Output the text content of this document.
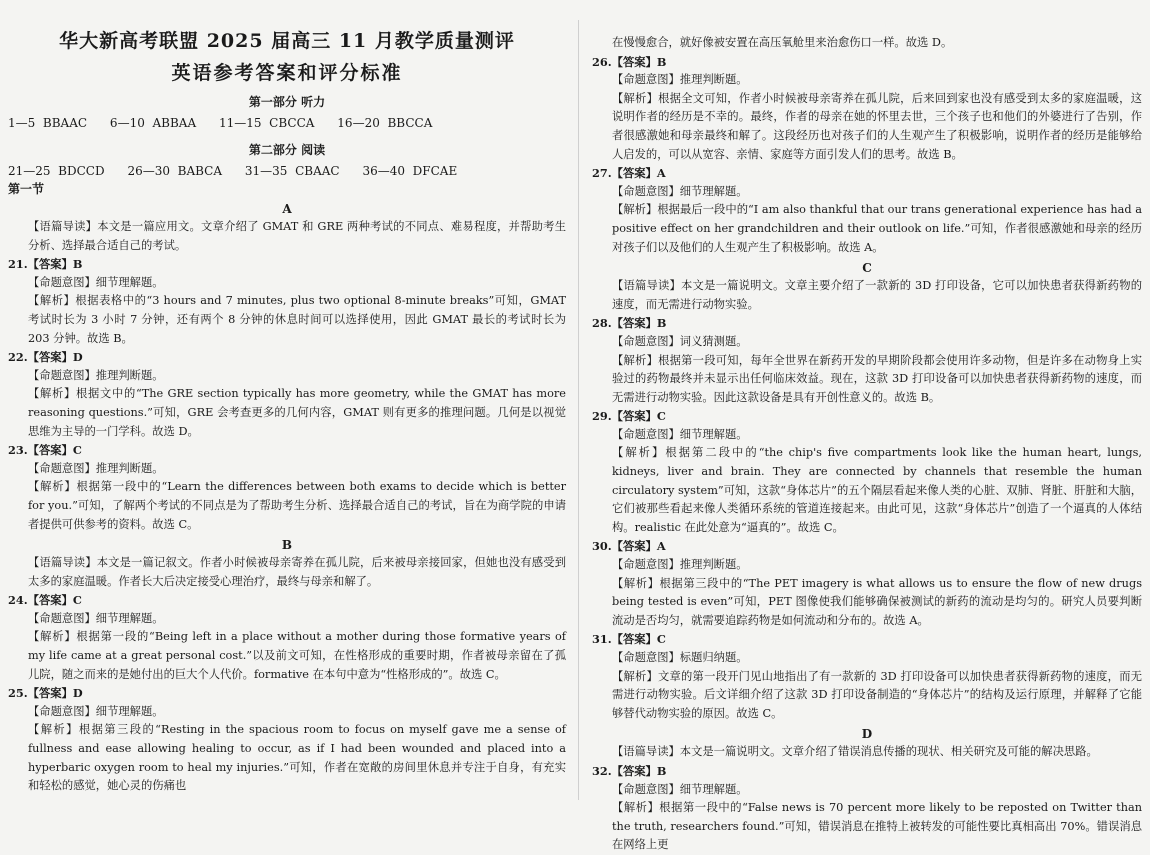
华大新高考联盟 2025 届高三 11 月教学质量测评
英语参考答案和评分标准
第一部分 听力
1—5  BBAAC      6—10  ABBAA      11—15  CBCCA      16—20  BBCCA
第二部分 阅读
21—25  BDCCD      26—30  BABCA      31—35  CBAAC      36—40  DFCAE
第一节
A

【语篇导读】本文是一篇应用文。文章介绍了 GMAT 和 GRE 两种考试的不同点、难易程度，并帮助考生分析、选择最合适自己的考试。

21.【答案】B

【命题意图】细节理解题。

【解析】根据表格中的“3 hours and 7 minutes, plus two optional 8-minute breaks”可知，GMAT 考试时长为 3 小时 7 分钟，还有两个 8 分钟的休息时间可以选择使用，因此 GMAT 最长的考试时长为 203 分钟。故选 B。

22.【答案】D

【命题意图】推理判断题。

【解析】根据文中的“The GRE section typically has more geometry, while the GMAT has more reasoning questions.”可知，GRE 会考查更多的几何内容，GMAT 则有更多的推理问题。几何是以视觉思维为主导的一门学科。故选 D。

23.【答案】C

【命题意图】推理判断题。

【解析】根据第一段中的“Learn the differences between both exams to decide which is better for you.”可知，了解两个考试的不同点是为了帮助考生分析、选择最合适自己的考试，旨在为商学院的申请者提供可供参考的资料。故选 C。

B

【语篇导读】本文是一篇记叙文。作者小时候被母亲寄养在孤儿院，后来被母亲接回家，但她也没有感受到太多的家庭温暖。作者长大后决定接受心理治疗，最终与母亲和解了。

24.【答案】C

【命题意图】细节理解题。

【解析】根据第一段的“Being left in a place without a mother during those formative years of my life came at a great personal cost.”以及前文可知，在性格形成的重要时期，作者被母亲留在了孤儿院，随之而来的是她付出的巨大个人代价。formative 在本句中意为“性格形成的”。故选 C。

25.【答案】D

【命题意图】细节理解题。

【解析】根据第三段的“Resting in the spacious room to focus on myself gave me a sense of fullness and ease allowing healing to occur, as if I had been wounded and placed into a hyperbaric oxygen room to heal my injuries.”可知，作者在宽敞的房间里休息并专注于自身，有充实和轻松的感觉，她心灵的伤痛也

在慢慢愈合，就好像被安置在高压氧舱里来治愈伤口一样。故选 D。

26.【答案】B

【命题意图】推理判断题。

【解析】根据全文可知，作者小时候被母亲寄养在孤儿院，后来回到家也没有感受到太多的家庭温暖，这说明作者的经历是不幸的。最终，作者的母亲在她的怀里去世，三个孩子也和他们的外婆进行了告别，作者很感激她和母亲最终和解了。这段经历也对孩子们的人生观产生了积极影响，说明作者的经历是能够给人启发的，可以从宽容、亲情、家庭等方面引发人们的思考。故选 B。

27.【答案】A

【命题意图】细节理解题。

【解析】根据最后一段中的“I am also thankful that our trans generational experience has had a positive effect on her grandchildren and their outlook on life.”可知，作者很感激她和母亲的经历对孩子们以及他们的人生观产生了积极影响。故选 A。

C

【语篇导读】本文是一篇说明文。文章主要介绍了一款新的 3D 打印设备，它可以加快患者获得新药物的速度，而无需进行动物实验。

28.【答案】B

【命题意图】词义猜测题。

【解析】根据第一段可知，每年全世界在新药开发的早期阶段都会使用许多动物，但是许多在动物身上实验过的药物最终并未显示出任何临床效益。现在，这款 3D 打印设备可以加快患者获得新药物的速度，而无需进行动物实验。因此这款设备是具有开创性意义的。故选 B。

29.【答案】C

【命题意图】细节理解题。

【解析】根据第二段中的“the chip's five compartments look like the human heart, lungs, kidneys, liver and brain. They are connected by channels that resemble the human circulatory system”可知，这款“身体芯片”的五个隔层看起来像人类的心脏、双肺、肾脏、肝脏和大脑，它们被那些看起来像人类循环系统的管道连接起来。由此可见，这款“身体芯片”创造了一个逼真的人体结构。realistic 在此处意为“逼真的”。故选 C。

30.【答案】A

【命题意图】推理判断题。

【解析】根据第三段中的“The PET imagery is what allows us to ensure the flow of new drugs being tested is even”可知，PET 图像使我们能够确保被测试的新药的流动是均匀的。研究人员要判断流动是否均匀，就需要追踪药物是如何流动和分布的。故选 A。

31.【答案】C

【命题意图】标题归纳题。

【解析】文章的第一段开门见山地指出了有一款新的 3D 打印设备可以加快患者获得新药物的速度，而无需进行动物实验。后文详细介绍了这款 3D 打印设备制造的“身体芯片”的结构及运行原理，并解释了它能够替代动物实验的原因。故选 C。

D

【语篇导读】本文是一篇说明文。文章介绍了错误消息传播的现状、相关研究及可能的解决思路。

32.【答案】B

【命题意图】细节理解题。

【解析】根据第一段中的“False news is 70 percent more likely to be reposted on Twitter than the truth, researchers found.”可知，错误消息在推特上被转发的可能性要比真相高出 70%。错误消息在网络上更
